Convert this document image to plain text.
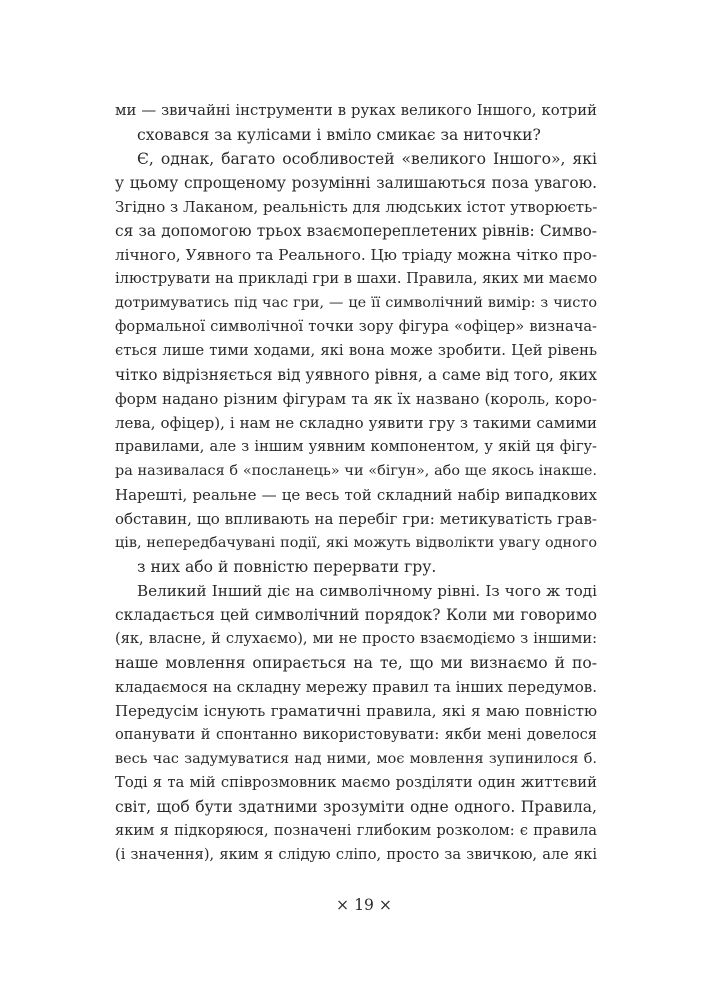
ми — звичайні інструменти в руках великого Іншого, котрий

сховався за кулісами і вміло смикає за ниточки?

Є, однак, багато особливостей «великого Іншого», які

у цьому спрощеному розумінні залишаються поза увагою.

Згідно з Лаканом, реальність для людських істот утворюєть-

ся за допомогою трьох взаємопереплетених рівнів: Симво-

лічного, Уявного та Реального. Цю тріаду можна чітко про-

ілюструвати на прикладі гри в шахи. Правила, яких ми маємо

дотримуватись під час гри, — це її символічний вимір: з чисто

формальної символічної точки зору фігура «офіцер» визнача-

ється лише тими ходами, які вона може зробити. Цей рівень

чітко відрізняється від уявного рівня, а саме від того, яких

форм надано різним фігурам та як їх названо (король, коро-

лева, офіцер), і нам не складно уявити гру з такими самими

правилами, але з іншим уявним компонентом, у якій ця фігу-

ра називалася б «посланець» чи «бігун», або ще якось інакше.

Нарешті, реальне — це весь той складний набір випадкових

обставин, що впливають на перебіг гри: метикуватість грав-

ців, непередбачувані події, які можуть відволікти увагу одного

з них або й повністю перервати гру.

Великий Інший діє на символічному рівні. Із чого ж тоді

складається цей символічний порядок? Коли ми говоримо

(як, власне, й слухаємо), ми не просто взаємодіємо з іншими:

наше мовлення опирається на те, що ми визнаємо й по-

кладаємося на складну мережу правил та інших передумов.

Передусім існують граматичні правила, які я маю повністю

опанувати й спонтанно використовувати: якби мені довелося

весь час задумуватися над ними, моє мовлення зупинилося б.

Тоді я та мій співрозмовник маємо розділяти один життєвий

світ, щоб бути здатними зрозуміти одне одного. Правила,

яким я підкоряюся, позначені глибоким розколом: є правила

(і значення), яким я слідую сліпо, просто за звичкою, але які

× 19 ×
